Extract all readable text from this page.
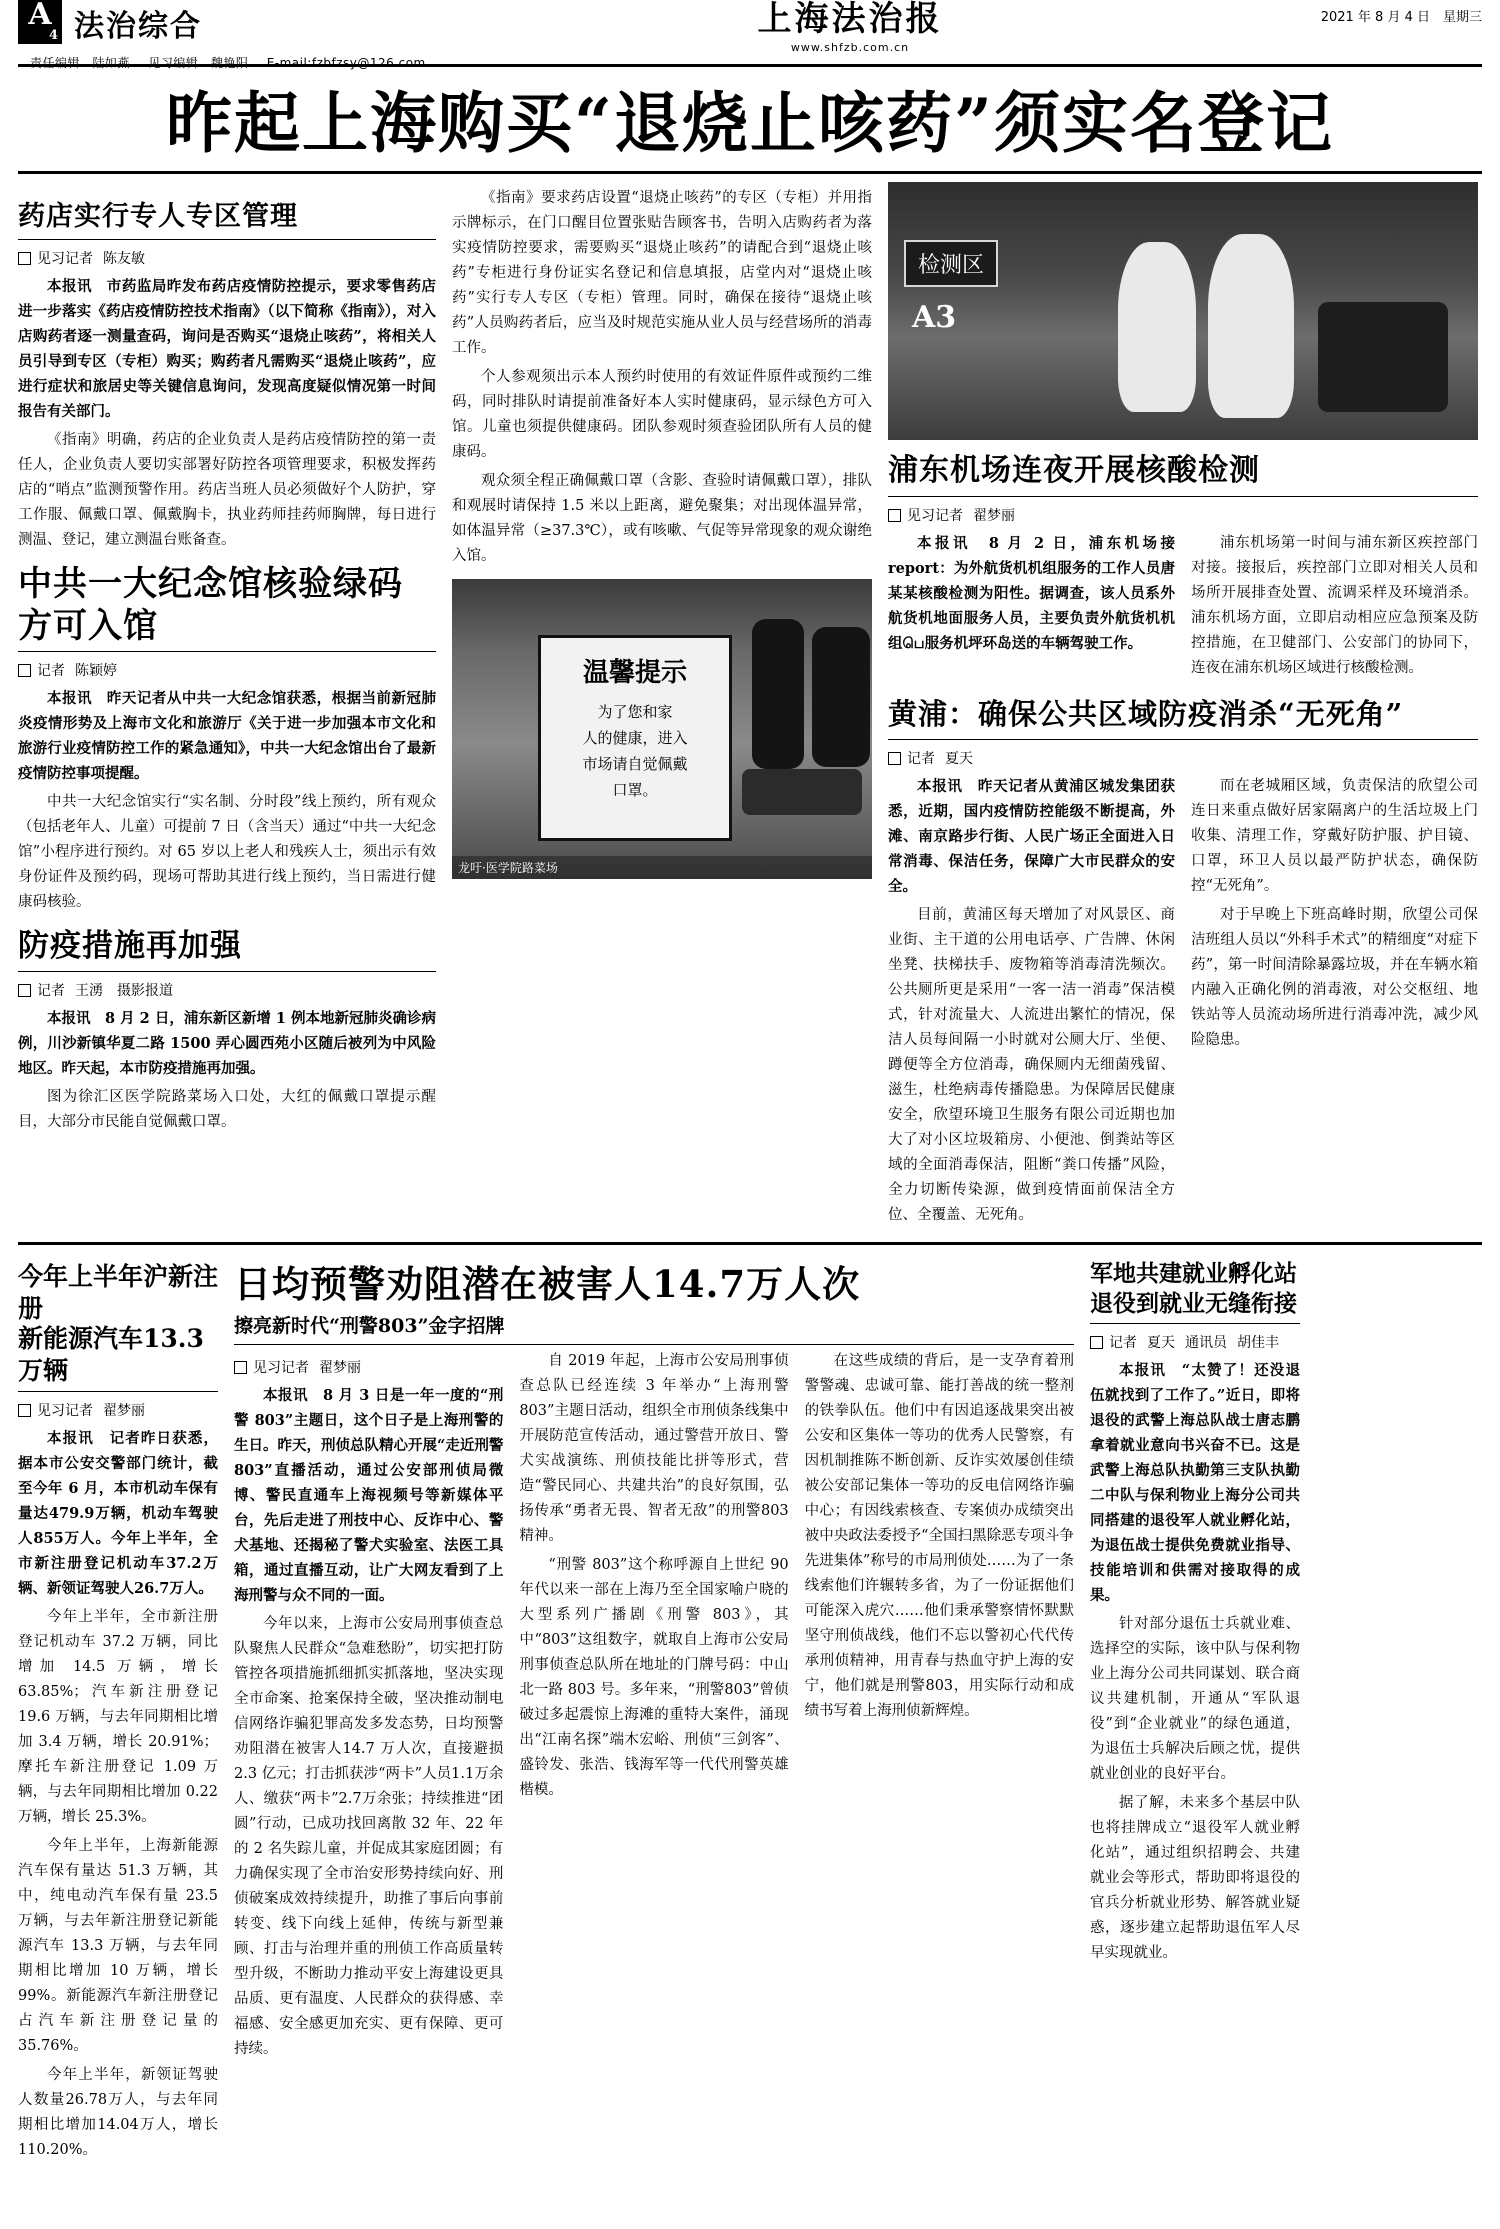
A
4 法治综合
责任编辑　陆如燕 见习编辑　魏艳阳 E-mail:fzbfzsy@126.com
上海法治报
www.shfzb.com.cn
2021 年 8 月 4 日　星期三
昨起上海购买“退烧止咳药”须实名登记
药店实行专人专区管理
见习记者 陈友敏

本报讯　市药监局昨发布药店疫情防控提示，要求零售药店进一步落实《药店疫情防控技术指南》（以下简称《指南》），对入店购药者逐一测量查码，询问是否购买“退烧止咳药”，将相关人员引导到专区（专柜）购买；购药者凡需购买“退烧止咳药”，应进行症状和旅居史等关键信息询问，发现高度疑似情况第一时间报告有关部门。

《指南》明确，药店的企业负责人是药店疫情防控的第一责任人，企业负责人要切实部署好防控各项管理要求，积极发挥药店的“哨点”监测预警作用。药店当班人员必须做好个人防护，穿工作服、佩戴口罩、佩戴胸卡，执业药师挂药师胸牌，每日进行测温、登记，建立测温台账备查。

中共一大纪念馆核验绿码方可入馆
记者 陈颖婷

本报讯　昨天记者从中共一大纪念馆获悉，根据当前新冠肺炎疫情形势及上海市文化和旅游厅《关于进一步加强本市文化和旅游行业疫情防控工作的紧急通知》，中共一大纪念馆出台了最新疫情防控事项提醒。

中共一大纪念馆实行“实名制、分时段”线上预约，所有观众（包括老年人、儿童）可提前 7 日（含当天）通过“中共一大纪念馆”小程序进行预约。对 65 岁以上老人和残疾人士，须出示有效身份证件及预约码，现场可帮助其进行线上预约，当日需进行健康码核验。

防疫措施再加强
记者 王湧　摄影报道

本报讯　8 月 2 日，浦东新区新增 1 例本地新冠肺炎确诊病例，川沙新镇华夏二路 1500 弄心圆西苑小区随后被列为中风险地区。昨天起，本市防疫措施再加强。

图为徐汇区医学院路菜场入口处，大红的佩戴口罩提示醒目，大部分市民能自觉佩戴口罩。

《指南》要求药店设置“退烧止咳药”的专区（专柜）并用指示牌标示，在门口醒目位置张贴告顾客书，告明入店购药者为落实疫情防控要求，需要购买“退烧止咳药”的请配合到“退烧止咳药”专柜进行身份证实名登记和信息填报，店堂内对“退烧止咳药”实行专人专区（专柜）管理。同时，确保在接待“退烧止咳药”人员购药者后，应当及时规范实施从业人员与经营场所的消毒工作。

个人参观须出示本人预约时使用的有效证件原件或预约二维码，同时排队时请提前准备好本人实时健康码，显示绿色方可入馆。儿童也须提供健康码。团队参观时须查验团队所有人员的健康码。

观众须全程正确佩戴口罩（含影、查验时请佩戴口罩），排队和观展时请保持 1.5 米以上距离，避免聚集；对出现体温异常，如体温异常（≥37.3℃），或有咳嗽、气促等异常现象的观众谢绝入馆。

温馨提示
为了您和家
人的健康，进入
市场请自觉佩戴
口罩。
龙吁·医学院路菜场
检测区
A3
浦东机场连夜开展核酸检测
见习记者 翟梦丽

本报讯　8 月 2 日，浦东机场接report：为外航货机机组服务的工作人员唐某某核酸检测为阳性。据调查，该人员系外航货机地面服务人员，主要负责外航货机机组பெ服务机坪环岛送的车辆驾驶工作。

浦东机场第一时间与浦东新区疾控部门对接。接报后，疾控部门立即对相关人员和场所开展排查处置、流调采样及环境消杀。浦东机场方面，立即启动相应应急预案及防控措施，在卫健部门、公安部门的协同下，连夜在浦东机场区域进行核酸检测。

黄浦：确保公共区域防疫消杀“无死角”
记者 夏天

本报讯　昨天记者从黄浦区城发集团获悉，近期，国内疫情防控能级不断提高，外滩、南京路步行街、人民广场正全面进入日常消毒、保洁任务，保障广大市民群众的安全。

目前，黄浦区每天增加了对风景区、商业街、主干道的公用电话亭、广告牌、休闲坐凳、扶梯扶手、废物箱等消毒清洗频次。公共厕所更是采用“一客一洁一消毒”保洁模式，针对流量大、人流进出繁忙的情况，保洁人员每间隔一小时就对公厕大厅、坐便、蹲便等全方位消毒，确保厕内无细菌残留、滋生，杜绝病毒传播隐患。为保障居民健康安全，欣望环境卫生服务有限公司近期也加大了对小区垃圾箱房、小便池、倒粪站等区域的全面消毒保洁，阻断“粪口传播”风险，全力切断传染源，做到疫情面前保洁全方位、全覆盖、无死角。

而在老城厢区域，负责保洁的欣望公司连日来重点做好居家隔离户的生活垃圾上门收集、清理工作，穿戴好防护服、护目镜、口罩，环卫人员以最严防护状态，确保防控“无死角”。

对于早晚上下班高峰时期，欣望公司保洁班组人员以“外科手术式”的精细度“对症下药”，第一时间清除暴露垃圾，并在车辆水箱内融入正确化例的消毒液，对公交枢纽、地铁站等人员流动场所进行消毒冲洗，减少风险隐患。

今年上半年沪新注册
新能源汽车13.3万辆
见习记者 翟梦丽

本报讯　记者昨日获悉，据本市公安交警部门统计，截至今年 6 月，本市机动车保有量达479.9万辆，机动车驾驶人855万人。今年上半年，全市新注册登记机动车37.2万辆、新领证驾驶人26.7万人。

今年上半年，全市新注册登记机动车 37.2 万辆，同比增加 14.5 万辆，增长 63.85%；汽车新注册登记 19.6 万辆，与去年同期相比增加 3.4 万辆，增长 20.91%；摩托车新注册登记 1.09 万辆，与去年同期相比增加 0.22 万辆，增长 25.3%。

今年上半年，上海新能源汽车保有量达 51.3 万辆，其中，纯电动汽车保有量 23.5 万辆，与去年新注册登记新能源汽车 13.3 万辆，与去年同期相比增加 10 万辆，增长 99%。新能源汽车新注册登记占汽车新注册登记量的 35.76%。

今年上半年，新领证驾驶人数量26.78万人，与去年同期相比增加14.04万人，增长110.20%。

日均预警劝阻潜在被害人14.7万人次
擦亮新时代“刑警803”金字招牌
见习记者 翟梦丽

本报讯　8 月 3 日是一年一度的“刑警 803”主题日，这个日子是上海刑警的生日。昨天，刑侦总队精心开展“走近刑警803”直播活动，通过公安部刑侦局微博、警民直通车上海视频号等新媒体平台，先后走进了刑技中心、反诈中心、警犬基地、还揭秘了警犬实验室、法医工具箱，通过直播互动，让广大网友看到了上海刑警与众不同的一面。

今年以来，上海市公安局刑事侦查总队聚焦人民群众“急难愁盼”，切实把打防管控各项措施抓细抓实抓落地，坚决实现全市命案、抢案保持全破，坚决推动制电信网络诈骗犯罪高发多发态势，日均预警劝阻潜在被害人14.7 万人次，直接避损 2.3 亿元；打击抓获涉“两卡”人员1.1万余人、缴获“两卡”2.7万余张；持续推进“团圆”行动，已成功找回离散 32 年、22 年的 2 名失踪儿童，并促成其家庭团圆；有力确保实现了全市治安形势持续向好、刑侦破案成效持续提升，助推了事后向事前转变、线下向线上延伸，传统与新型兼顾、打击与治理并重的刑侦工作高质量转型升级，不断助力推动平安上海建设更具品质、更有温度、人民群众的获得感、幸福感、安全感更加充实、更有保障、更可持续。

自 2019 年起，上海市公安局刑事侦查总队已经连续 3 年举办“上海刑警 803”主题日活动，组织全市刑侦条线集中开展防范宣传活动，通过警营开放日、警犬实战演练、刑侦技能比拼等形式，营造“警民同心、共建共治”的良好氛围，弘扬传承“勇者无畏、智者无敌”的刑警803精神。

“刑警 803”这个称呼源自上世纪 90 年代以来一部在上海乃至全国家喻户晓的大型系列广播剧《刑警 803》，其中“803”这组数字，就取自上海市公安局刑事侦查总队所在地址的门牌号码：中山北一路 803 号。多年来，“刑警803”曾侦破过多起震惊上海滩的重特大案件，涌现出“江南名探”端木宏峪、刑侦“三剑客”、盛铃发、张浩、钱海军等一代代刑警英雄楷模。

在这些成绩的背后，是一支孕育着刑警警魂、忠诚可靠、能打善战的统一整剂的铁拳队伍。他们中有因追逐战果突出被公安和区集体一等功的优秀人民警察，有因机制推陈不断创新、反诈实效屡创佳绩被公安部记集体一等功的反电信网络诈骗中心；有因线索核查、专案侦办成绩突出被中央政法委授予“全国扫黑除恶专项斗争先进集体”称号的市局刑侦处……为了一条线索他们许辗转多省，为了一份证据他们可能深入虎穴……他们秉承警察情怀默默坚守刑侦战线，他们不忘以警初心代代传承刑侦精神，用青春与热血守护上海的安宁，他们就是刑警803，用实际行动和成绩书写着上海刑侦新辉煌。

军地共建就业孵化站
退役到就业无缝衔接
记者 夏天 通讯员 胡佳丰

本报讯　“太赞了！还没退伍就找到了工作了。”近日，即将退役的武警上海总队战士唐志鹏拿着就业意向书兴奋不已。这是武警上海总队执勤第三支队执勤二中队与保利物业上海分公司共同搭建的退役军人就业孵化站，为退伍战士提供免费就业指导、技能培训和供需对接取得的成果。

针对部分退伍士兵就业难、选择空的实际，该中队与保利物业上海分公司共同谋划、联合商议共建机制，开通从“军队退役”到“企业就业”的绿色通道，为退伍士兵解决后顾之忧，提供就业创业的良好平台。

据了解，未来多个基层中队也将挂牌成立“退役军人就业孵化站”，通过组织招聘会、共建就业会等形式，帮助即将退役的官兵分析就业形势、解答就业疑惑，逐步建立起帮助退伍军人尽早实现就业。
